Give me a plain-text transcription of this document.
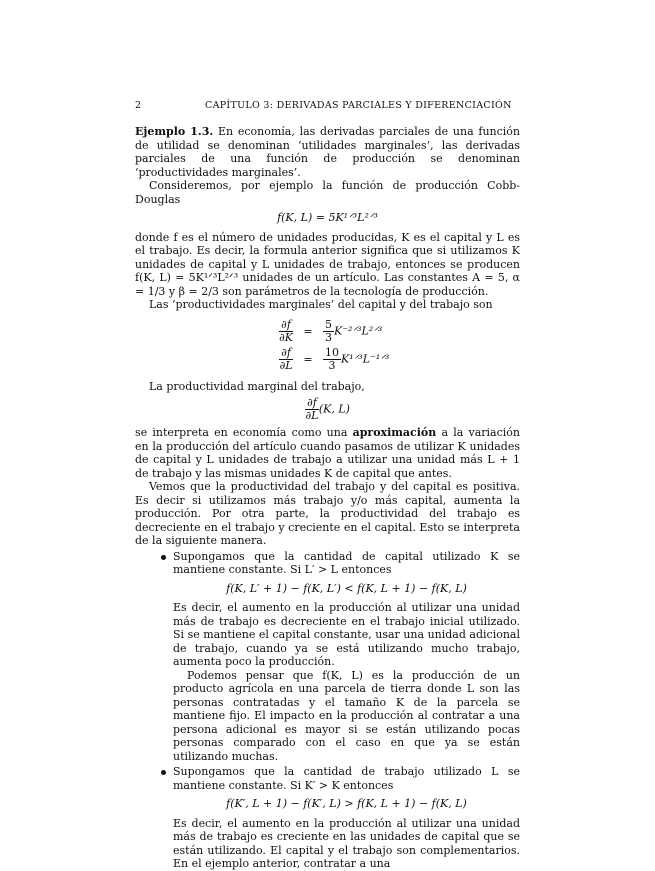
2	CAPÍTULO 3: DERIVADAS PARCIALES Y DIFERENCIACIÓN

Ejemplo 1.3. En economía, las derivadas parciales de una función de utilidad se denominan ‘utilidades marginales’, las derivadas parciales de una función de producción se denominan ‘productividades marginales’.

Consideremos, por ejemplo la función de producción Cobb-Douglas

f(K, L) = 5K¹ᐟ³L²ᐟ³

donde f es el número de unidades producidas, K es el capital y L es el trabajo. Es decir, la formula anterior significa que si utilizamos K unidades de capital y L unidades de trabajo, entonces se producen f(K, L) = 5K¹ᐟ³L²ᐟ³ unidades de un artículo. Las constantes A = 5, α = 1/3 y β = 2/3 son parámetros de la tecnología de producción.

Las ‘productividades marginales’ del capital y del trabajo son

$\frac{\partial f}{\partial K} = \frac{5}{3}$ K⁻²ᐟ³L²ᐟ³
$\frac{\partial f}{\partial L} = \frac{10}{3}$ K¹ᐟ³L⁻¹ᐟ³

La productividad marginal del trabajo,

$\frac{\partial f}{\partial L} (K$, L)

se interpreta en economía como una aproximación a la variación en la producción del artículo cuando pasamos de utilizar K unidades de capital y L unidades de trabajo a utilizar una unidad más L + 1 de trabajo y las mismas unidades K de capital que antes.

Vemos que la productividad del trabajo y del capital es positiva. Es decir si utilizamos más trabajo y/o más capital, aumenta la producción. Por otra parte, la productividad del trabajo es decreciente en el trabajo y creciente en el capital. Esto se interpreta de la siguiente manera.

Supongamos que la cantidad de capital utilizado K se mantiene constante. Si L′ > L entonces

f(K, L′ + 1) − f(K, L′) < f(K, L + 1) − f(K, L)

Es decir, el aumento en la producción al utilizar una unidad más de trabajo es decreciente en el trabajo inicial utilizado. Si se mantiene el capital constante, usar una unidad adicional de trabajo, cuando ya se está utilizando mucho trabajo, aumenta poco la producción.

Podemos pensar que f(K, L) es la producción de un producto agrícola en una parcela de tierra donde L son las personas contratadas y el tamaño K de la parcela se mantiene fijo. El impacto en la producción al contratar a una persona adicional es mayor si se están utilizando pocas personas comparado con el caso en que ya se están utilizando muchas.

Supongamos que la cantidad de trabajo utilizado L se mantiene constante. Si K′ > K entonces

f(K′, L + 1) − f(K′, L) > f(K, L + 1) − f(K, L)

Es decir, el aumento en la producción al utilizar una unidad más de trabajo es creciente en las unidades de capital que se están utilizando. El capital y el trabajo son complementarios. En el ejemplo anterior, contratar a una
